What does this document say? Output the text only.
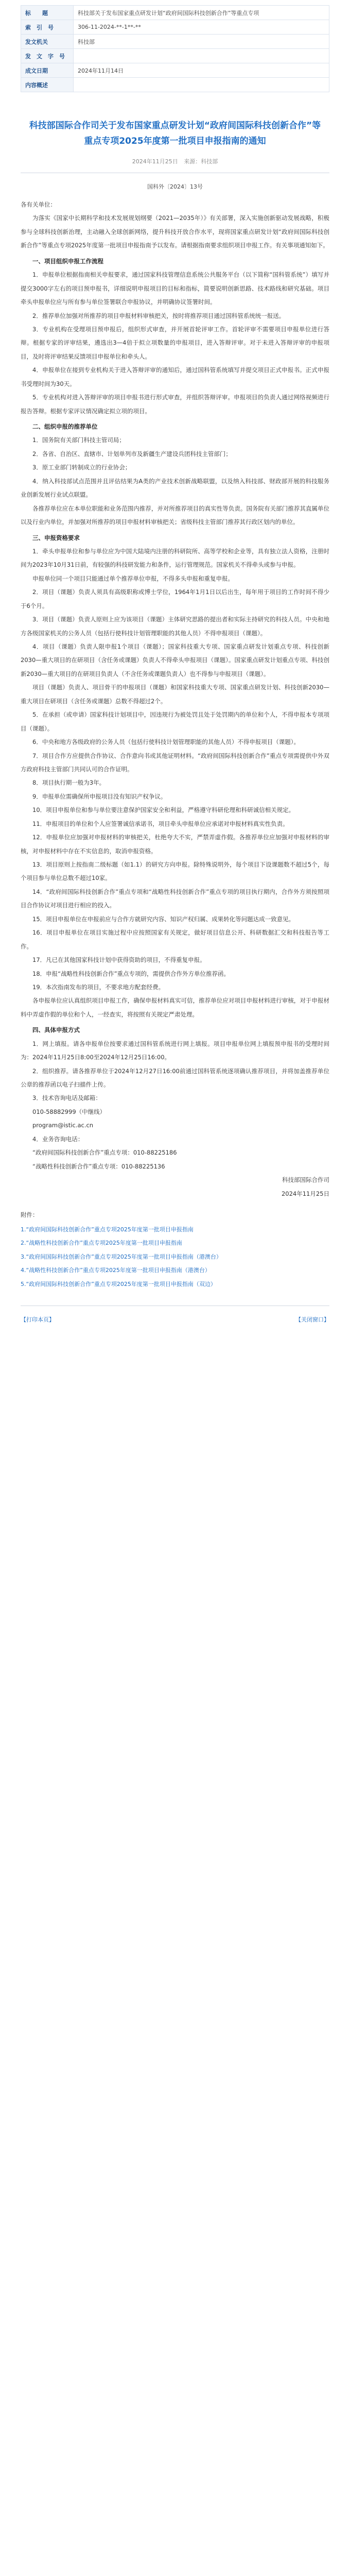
标　　题	科技部关于发布国家重点研发计划“政府间国际科技创新合作”等重点专项
索　引　号	306-11-2024-**-1**-**
发文机关	科技部
发　文　字　号	
成文日期	2024年11月14日
内容概述	
科技部国际合作司关于发布国家重点研发计划“政府间国际科技创新合作”等
重点专项2025年度第一批项目申报指南的通知
2024年11月25日 来源：科技部
国科外〔2024〕13号

各有关单位：

为落实《国家中长期科学和技术发展规划纲要（2021—2035年）》有关部署，深入实施创新驱动发展战略，积极参与全球科技创新治理，主动融入全球创新网络，提升科技开放合作水平，现将国家重点研发计划“政府间国际科技创新合作”等重点专项2025年度第一批项目申报指南予以发布。请根据指南要求组织项目申报工作。有关事项通知如下。

一、项目组织申报工作流程

1．申报单位根据指南相关申报要求，通过国家科技管理信息系统公共服务平台（以下简称“国科管系统”）填写并提交3000字左右的项目预申报书，详细说明申报项目的目标和指标，简要说明创新思路、技术路线和研究基础。项目牵头申报单位应与所有参与单位签署联合申报协议，并明确协议签署时间。

2．推荐单位加强对所推荐的项目申报材料审核把关，按时将推荐项目通过国科管系统统一报送。

3．专业机构在受理项目预申报后，组织形式审查，并开展首轮评审工作。首轮评审不需要项目申报单位进行答辩。根据专家的评审结果，遴选出3—4倍于拟立项数量的申报项目，进入答辩评审。对于未进入答辩评审的申报项目，及时将评审结果反馈项目申报单位和牵头人。

4．申报单位在接到专业机构关于进入答辩评审的通知后，通过国科管系统填写并提交项目正式申报书。正式申报书受理时间为30天。

5．专业机构对进入答辩评审的项目申报书进行形式审查，并组织答辩评审。申报项目的负责人通过网络视频进行报告答辩。根据专家评议情况确定拟立项的项目。

二、组织申报的推荐单位

1．国务院有关部门科技主管司局；

2．各省、自治区、直辖市、计划单列市及新疆生产建设兵团科技主管部门；

3．原工业部门转制成立的行业协会；

4．纳入科技部试点范围并且评估结果为A类的产业技术创新战略联盟，以及纳入科技部、财政部开展的科技服务业创新发展行业试点联盟。

各推荐单位应在本单位职能和业务范围内推荐，并对所推荐项目的真实性等负责。国务院有关部门推荐其直属单位以及行业内单位，并加强对所推荐的项目申报材料审核把关；省级科技主管部门推荐其行政区划内的单位。

三、申报资格要求

1．牵头申报单位和参与单位应为中国大陆境内注册的科研院所、高等学校和企业等，具有独立法人资格，注册时间为2023年10月31日前，有较强的科技研发能力和条件，运行管理规范。国家机关不得牵头或参与申报。

申报单位同一个项目只能通过单个推荐单位申报，不得多头申报和重复申报。

2．项目（课题）负责人须具有高级职称或博士学位，1964年1月1日以后出生，每年用于项目的工作时间不得少于6个月。

3．项目（课题）负责人原则上应为该项目（课题）主体研究思路的提出者和实际主持研究的科技人员。中央和地方各级国家机关的公务人员（包括行使科技计划管理职能的其他人员）不得申报项目（课题）。

4．项目（课题）负责人限申报1个项目（课题）；国家科技重大专项、国家重点研发计划重点专项、科技创新2030—重大项目的在研项目（含任务或课题）负责人不得牵头申报项目（课题）。国家重点研发计划重点专项、科技创新2030—重大项目的在研项目负责人（不含任务或课题负责人）也不得参与申报项目（课题）。

项目（课题）负责人、项目骨干的申报项目（课题）和国家科技重大专项、国家重点研发计划、科技创新2030—重大项目在研项目（含任务或课题）总数不得超过2个。

5．在承担（或申请）国家科技计划项目中，因违规行为被处罚且处于处罚期内的单位和个人，不得申报本专项项目（课题）。

6．中央和地方各级政府的公务人员（包括行使科技计划管理职能的其他人员）不得申报项目（课题）。

7．项目合作方应提供合作协议、合作意向书或其他证明材料。“政府间国际科技创新合作”重点专项需提供中外双方政府科技主管部门共同认可的合作证明。

8．项目执行期一般为3年。

9．申报单位需确保所申报项目没有知识产权争议。

10．项目申报单位和参与单位要注意保护国家安全和利益，严格遵守科研伦理和科研诚信相关规定。

11．申报项目的单位和个人应签署诚信承诺书，项目牵头申报单位应承诺对申报材料真实性负责。

12．申报单位应加强对申报材料的审核把关，杜绝夸大不实，严禁弄虚作假。各推荐单位应加强对申报材料的审核，对申报材料中存在不实信息的，取消申报资格。

13．项目原则上按指南二级标题（如1.1）的研究方向申报。除特殊说明外，每个项目下设课题数不超过5个，每个项目参与单位总数不超过10家。

14．“政府间国际科技创新合作”重点专项和“战略性科技创新合作”重点专项的项目执行期内，合作外方须按照项目合作协议对项目进行相应的投入。

15．项目申报单位在申报前应与合作方就研究内容、知识产权归属、成果转化等问题达成一致意见。

16．项目申报单位在项目实施过程中应按照国家有关规定，做好项目信息公开、科研数据汇交和科技报告等工作。

17．凡已在其他国家科技计划中获得资助的项目，不得重复申报。

18．申报“战略性科技创新合作”重点专项的，需提供合作外方单位推荐函。

19．本次指南发布的项目，不要求地方配套经费。

各申报单位应认真组织项目申报工作，确保申报材料真实可信，推荐单位应对项目申报材料进行审核，对于申报材料中弄虚作假的单位和个人，一经查实，将按照有关规定严肃处理。

四、具体申报方式

1．网上填报。请各申报单位按要求通过国科管系统进行网上填报。项目申报单位网上填报预申报书的受理时间为：2024年11月25日8:00至2024年12月25日16:00。

2．组织推荐。请各推荐单位于2024年12月27日16:00前通过国科管系统逐项确认推荐项目，并将加盖推荐单位公章的推荐函以电子扫描件上传。

3．技术咨询电话及邮箱：

010-58882999（中继线）

program@istic.ac.cn

4．业务咨询电话：

“政府间国际科技创新合作”重点专项：010-88225186

“战略性科技创新合作”重点专项：010-88225136

科技部国际合作司

2024年11月25日

附件：
1.“政府间国际科技创新合作”重点专项2025年度第一批项目申报指南
2.“战略性科技创新合作”重点专项2025年度第一批项目申报指南
3.“政府间国际科技创新合作”重点专项2025年度第一批项目申报指南（港澳台）
4.“战略性科技创新合作”重点专项2025年度第一批项目申报指南（港澳台）
5.“政府间国际科技创新合作”重点专项2025年度第一批项目申报指南（双边）
【打印本页】	【关闭窗口】
